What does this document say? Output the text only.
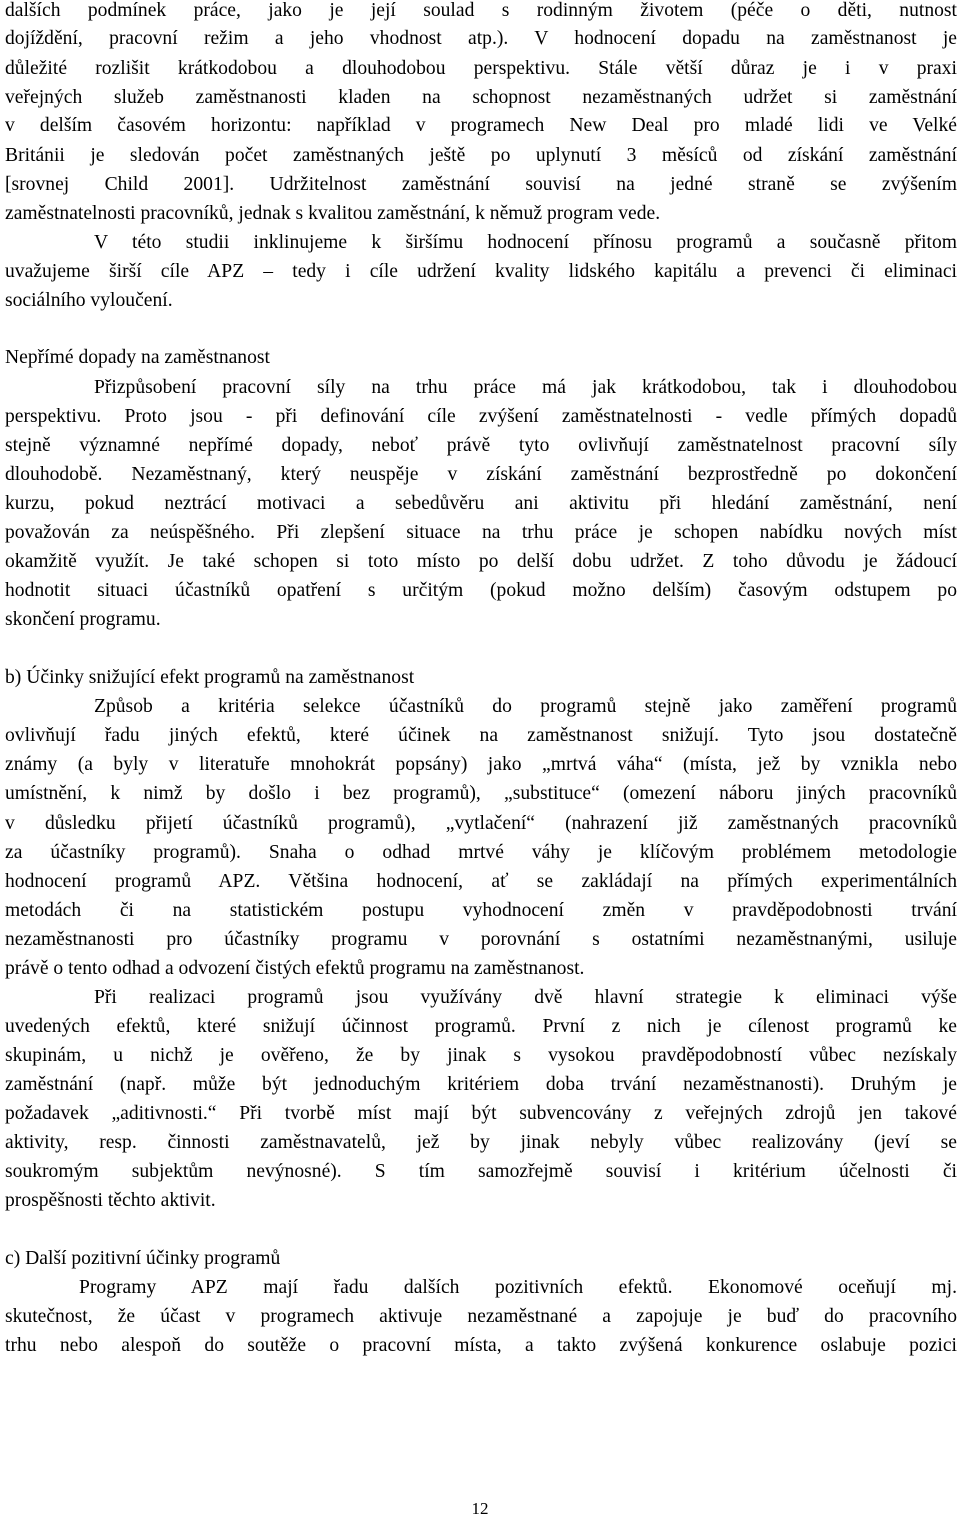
dalších podmínek práce, jako je její soulad s rodinným životem (péče o děti, nutnost
dojíždění, pracovní režim a jeho vhodnost atp.). V hodnocení dopadu na zaměstnanost je
důležité rozlišit krátkodobou a dlouhodobou perspektivu. Stále větší důraz je i v praxi
veřejných služeb zaměstnanosti kladen na schopnost nezaměstnaných udržet si zaměstnání
v delším časovém horizontu: například v programech New Deal pro mladé lidi ve Velké
Británii je sledován počet zaměstnaných ještě po uplynutí 3 měsíců od získání zaměstnání
[srovnej Child 2001]. Udržitelnost zaměstnání souvisí na jedné straně se zvýšením
zaměstnatelnosti pracovníků, jednak s kvalitou zaměstnání, k němuž program vede.
V této studii inklinujeme k širšímu hodnocení přínosu programů a současně přitom
uvažujeme širší cíle APZ – tedy i cíle udržení kvality lidského kapitálu a prevenci či eliminaci
sociálního vyloučení.
Nepřímé dopady na zaměstnanost
Přizpůsobení pracovní síly na trhu práce má jak krátkodobou, tak i dlouhodobou
perspektivu. Proto jsou - při definování cíle zvýšení zaměstnatelnosti - vedle přímých dopadů
stejně významné nepřímé dopady, neboť právě tyto ovlivňují zaměstnatelnost pracovní síly
dlouhodobě. Nezaměstnaný, který neuspěje v získání zaměstnání bezprostředně po dokončení
kurzu, pokud neztrácí motivaci a sebedůvěru ani aktivitu při hledání zaměstnání, není
považován za neúspěšného. Při zlepšení situace na trhu práce je schopen nabídku nových míst
okamžitě využít. Je také schopen si toto místo po delší dobu udržet. Z toho důvodu je žádoucí
hodnotit situaci účastníků opatření s určitým (pokud možno delším) časovým odstupem po
skončení programu.
b) Účinky snižující efekt programů na zaměstnanost
Způsob a kritéria selekce účastníků do programů stejně jako zaměření programů
ovlivňují řadu jiných efektů, které účinek na zaměstnanost snižují. Tyto jsou dostatečně
známy (a byly v literatuře mnohokrát popsány) jako „mrtvá váha“ (místa, jež by vznikla nebo
umístnění, k nimž by došlo i bez programů), „substituce“ (omezení náboru jiných pracovníků
v důsledku přijetí účastníků programů), „vytlačení“ (nahrazení již zaměstnaných pracovníků
za účastníky programů). Snaha o odhad mrtvé váhy je klíčovým problémem metodologie
hodnocení programů APZ. Většina hodnocení, ať se zakládají na přímých experimentálních
metodách či na statistickém postupu vyhodnocení změn v pravděpodobnosti trvání
nezaměstnanosti pro účastníky programu v porovnání s ostatními nezaměstnanými, usiluje
právě o tento odhad a odvození čistých efektů programu na zaměstnanost.
Při realizaci programů jsou využívány dvě hlavní strategie k eliminaci výše
uvedených efektů, které snižují účinnost programů. První z nich je cílenost programů ke
skupinám, u nichž je ověřeno, že by jinak s vysokou pravděpodobností vůbec nezískaly
zaměstnání (např. může být jednoduchým kritériem doba trvání nezaměstnanosti). Druhým je
požadavek „aditivnosti.“ Při tvorbě míst mají být subvencovány z veřejných zdrojů jen takové
aktivity, resp. činnosti zaměstnavatelů, jež by jinak nebyly vůbec realizovány (jeví se
soukromým subjektům nevýnosné). S tím samozřejmě souvisí i kritérium účelnosti či
prospěšnosti těchto aktivit.
c) Další pozitivní účinky programů
Programy APZ mají řadu dalších pozitivních efektů. Ekonomové oceňují mj.
skutečnost, že účast v programech aktivuje nezaměstnané a zapojuje je buď do pracovního
trhu nebo alespoň do soutěže o pracovní místa, a takto zvýšená konkurence oslabuje pozici
12
